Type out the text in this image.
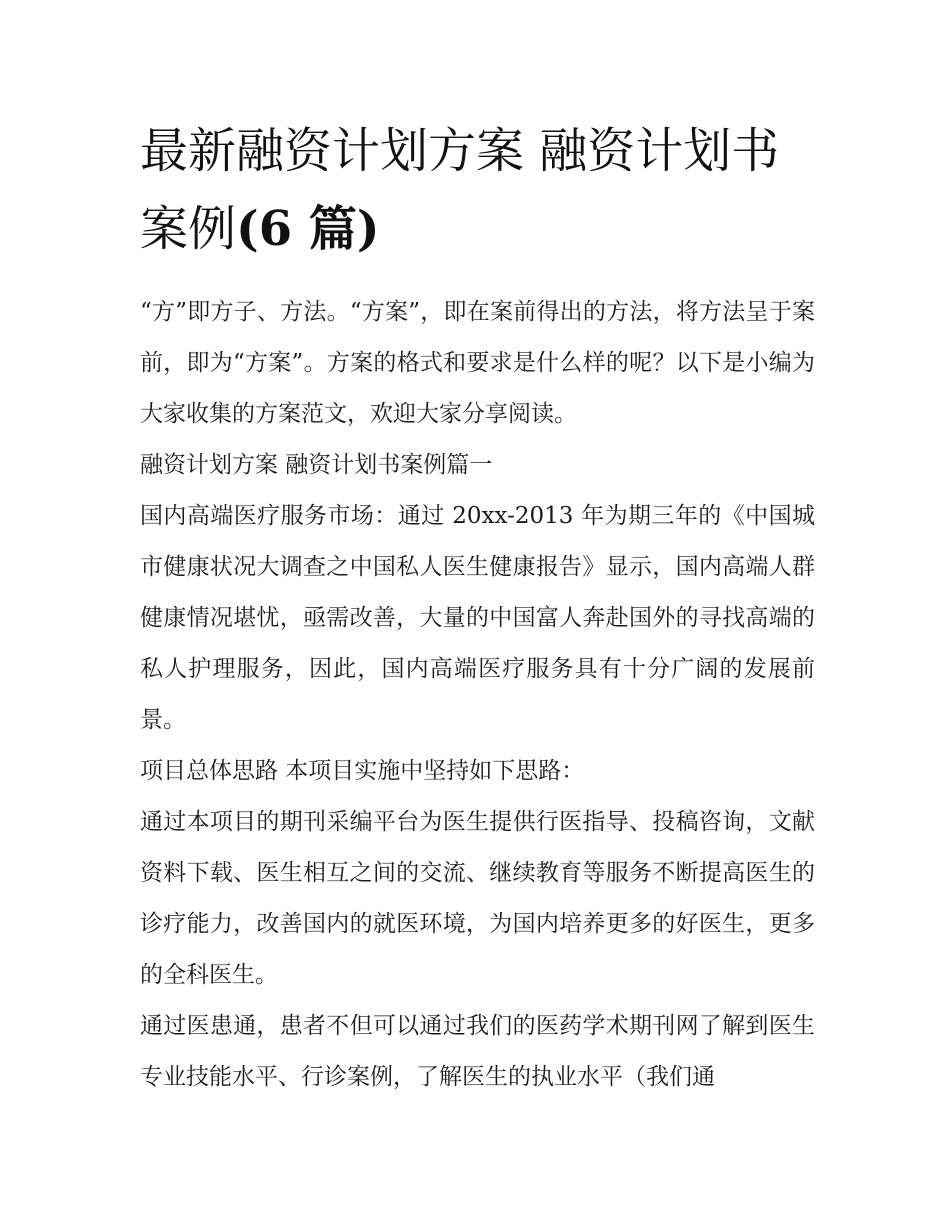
最新融资计划方案 融资计划书案例(6 篇)

“方”即方子、方法。“方案”，即在案前得出的方法，将方法呈于案前，即为“方案”。方案的格式和要求是什么样的呢？以下是小编为大家收集的方案范文，欢迎大家分享阅读。

融资计划方案 融资计划书案例篇一

国内高端医疗服务市场：通过 20xx-2013 年为期三年的《中国城市健康状况大调查之中国私人医生健康报告》显示，国内高端人群健康情况堪忧，亟需改善，大量的中国富人奔赴国外的寻找高端的私人护理服务，因此，国内高端医疗服务具有十分广阔的发展前景。

项目总体思路 本项目实施中坚持如下思路：

通过本项目的期刊采编平台为医生提供行医指导、投稿咨询，文献资料下载、医生相互之间的交流、继续教育等服务不断提高医生的诊疗能力，改善国内的就医环境，为国内培养更多的好医生，更多的全科医生。

通过医患通，患者不但可以通过我们的医药学术期刊网了解到医生专业技能水平、行诊案例，了解医生的执业水平（我们通
